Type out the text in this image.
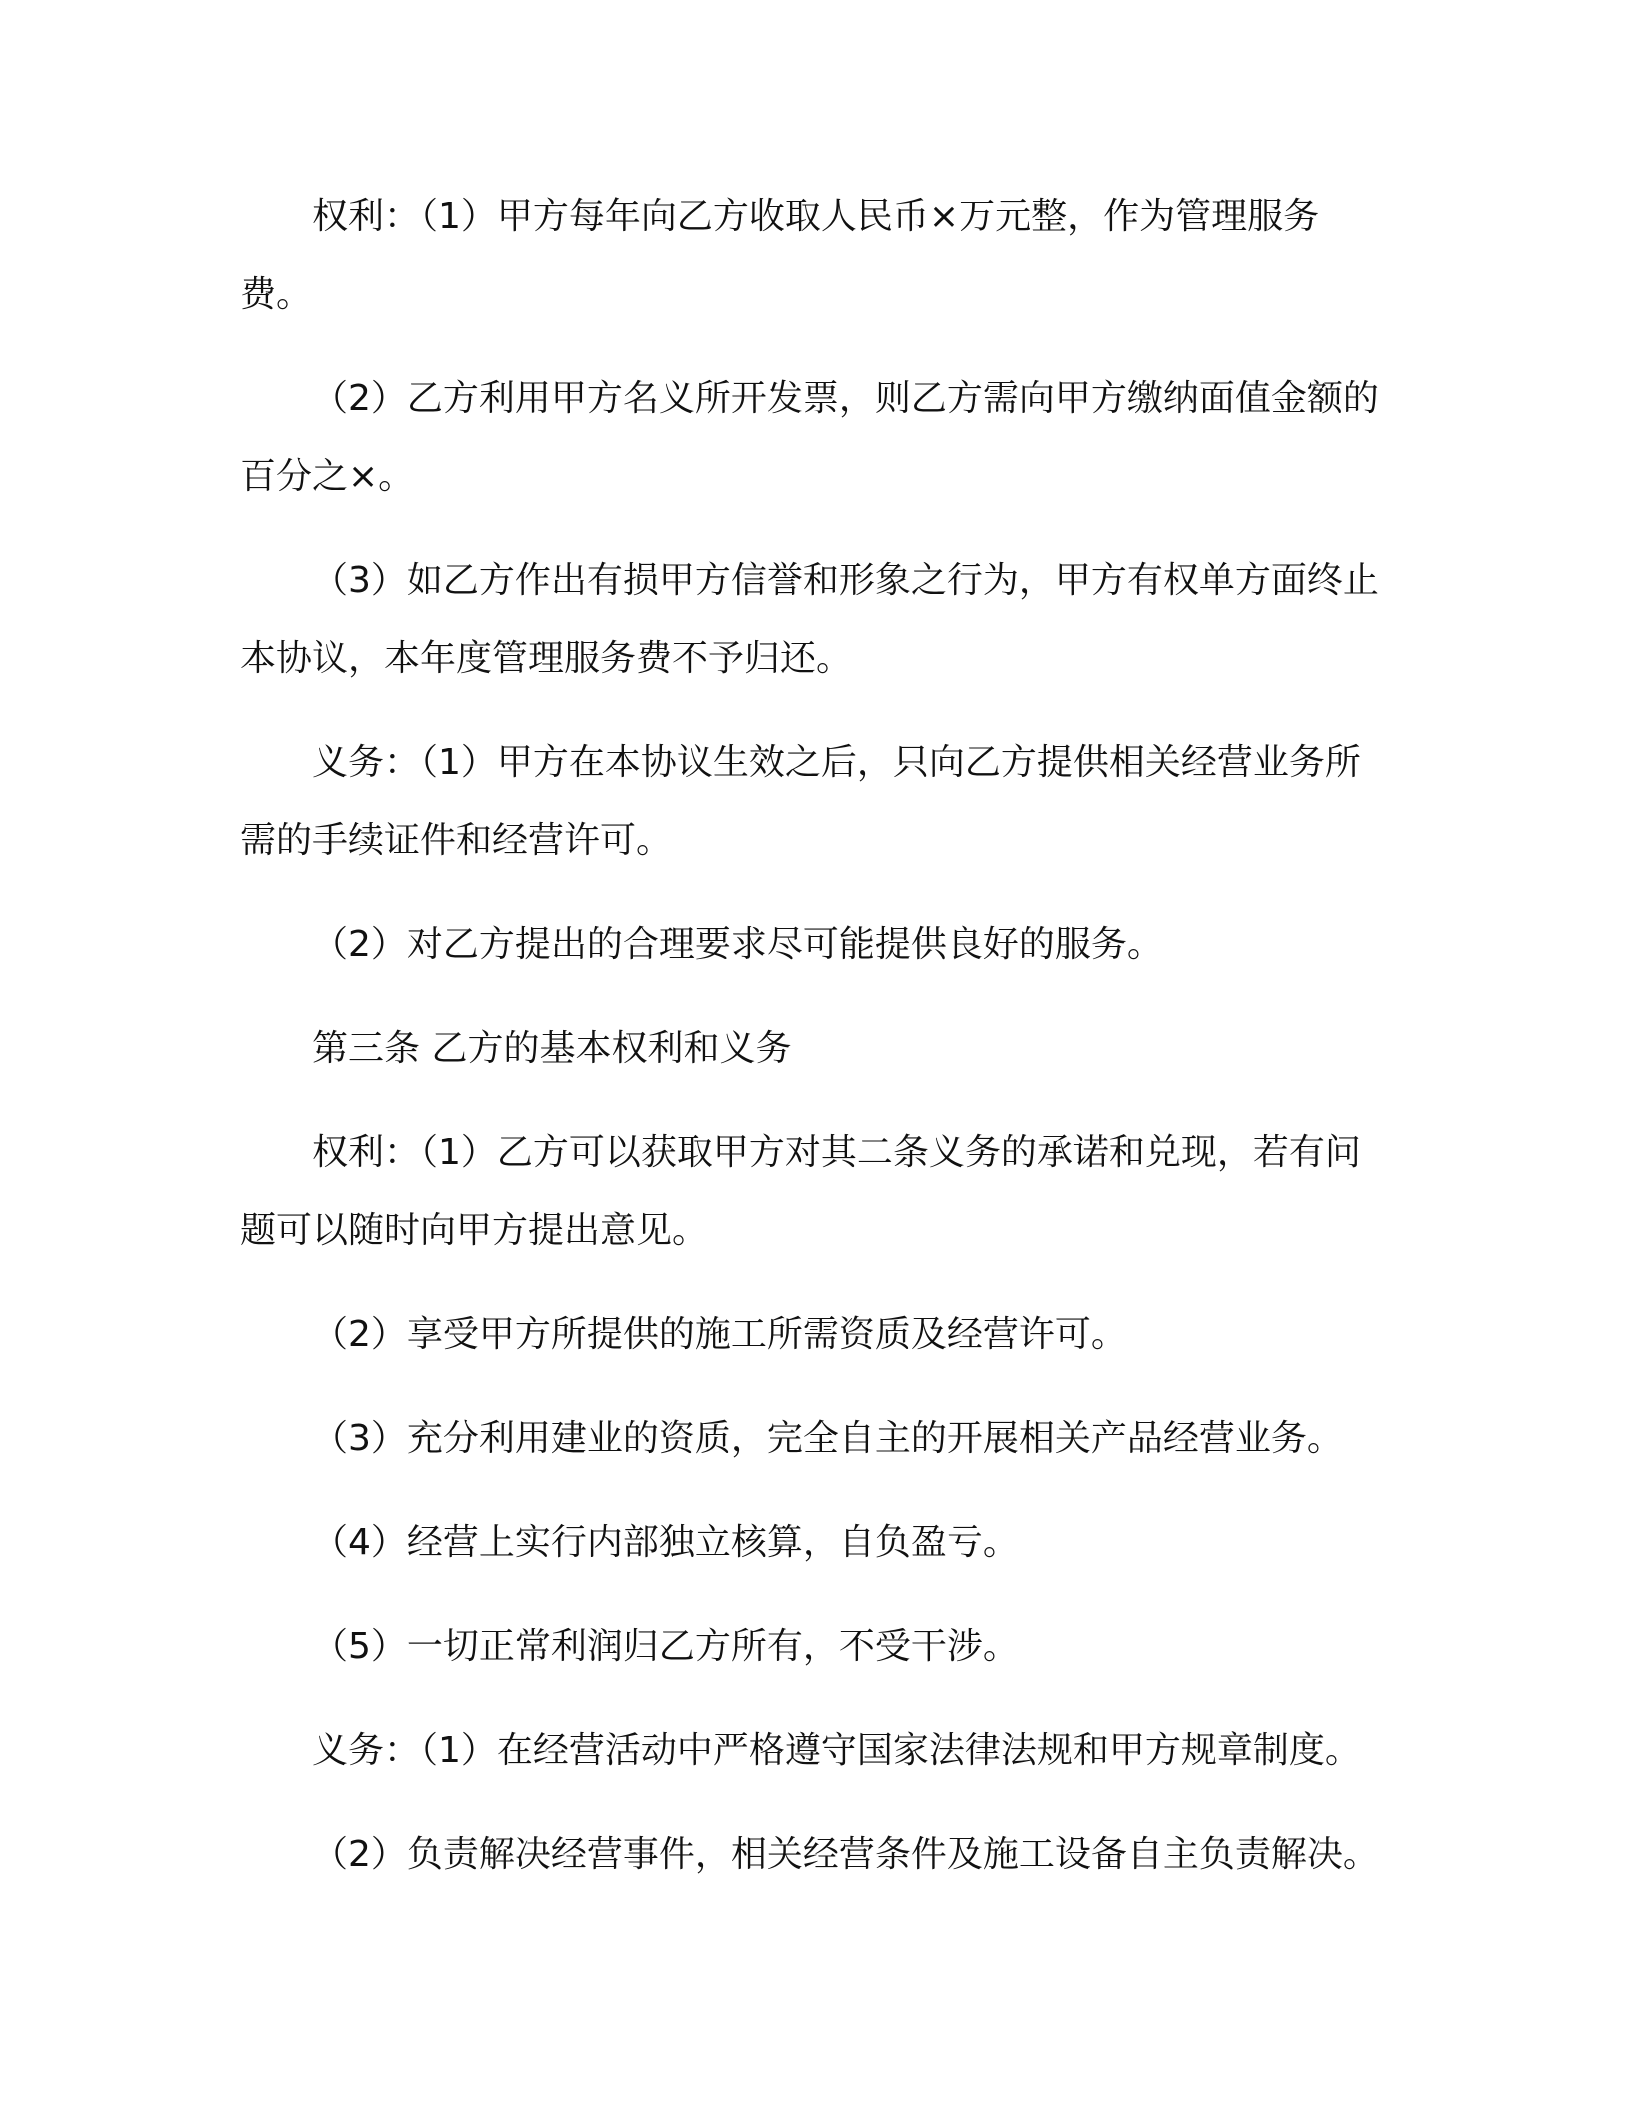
权利：（1）甲方每年向乙方收取人民币×万元整，作为管理服务费。

（2）乙方利用甲方名义所开发票，则乙方需向甲方缴纳面值金额的百分之×。

（3）如乙方作出有损甲方信誉和形象之行为，甲方有权单方面终止本协议，本年度管理服务费不予归还。

义务：（1）甲方在本协议生效之后，只向乙方提供相关经营业务所需的手续证件和经营许可。

（2）对乙方提出的合理要求尽可能提供良好的服务。

第三条 乙方的基本权利和义务

权利：（1）乙方可以获取甲方对其二条义务的承诺和兑现，若有问题可以随时向甲方提出意见。

（2）享受甲方所提供的施工所需资质及经营许可。

（3）充分利用建业的资质，完全自主的开展相关产品经营业务。

（4）经营上实行内部独立核算，自负盈亏。

（5）一切正常利润归乙方所有，不受干涉。

义务：（1）在经营活动中严格遵守国家法律法规和甲方规章制度。

（2）负责解决经营事件，相关经营条件及施工设备自主负责解决。
